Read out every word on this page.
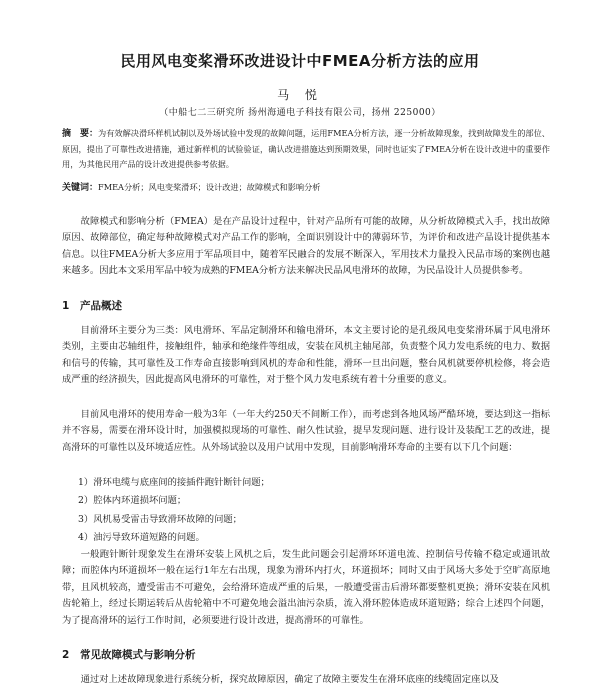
民用风电变桨滑环改进设计中FMEA分析方法的应用
马 悦
（中船七二三研究所 扬州海通电子科技有限公司，扬州 225000）
摘　要：为有效解决滑环样机试制以及外场试验中发现的故障问题，运用FMEA分析方法，逐一分析故障现象，找到故障发生的部位、原因，提出了可靠性改进措施，通过新样机的试验验证，确认改进措施达到预期效果，同时也证实了FMEA分析在设计改进中的重要作用，为其他民用产品的设计改进提供参考依据。
关键词：FMEA分析；风电变桨滑环；设计改进；故障模式和影响分析

故障模式和影响分析（FMEA）是在产品设计过程中，针对产品所有可能的故障，从分析故障模式入手，找出故障原因、故障部位，确定每种故障模式对产品工作的影响，全面识别设计中的薄弱环节，为评价和改进产品设计提供基本信息。以往FMEA分析大多应用于军品项目中，随着军民融合的发展不断深入，军用技术力量投入民品市场的案例也越来越多。因此本文采用军品中较为成熟的FMEA分析方法来解决民品风电滑环的故障，为民品设计人员提供参考。

1 产品概述

目前滑环主要分为三类：风电滑环、军品定制滑环和输电滑环，本文主要讨论的是孔级风电变桨滑环属于风电滑环类别，主要由芯轴组件，接触组件，轴承和绝缘件等组成，安装在风机主轴尾部，负责整个风力发电系统的电力、数据和信号的传输，其可靠性及工作寿命直接影响到风机的寿命和性能，滑环一旦出问题，整台风机就要停机检修，将会造成严重的经济损失，因此提高风电滑环的可靠性，对于整个风力发电系统有着十分重要的意义。

目前风电滑环的使用寿命一般为3年（一年大约250天不间断工作），而考虑到各地风场严酷环境，要达到这一指标并不容易，需要在滑环设计时，加强模拟现场的可靠性、耐久性试验，提早发现问题、进行设计及装配工艺的改进，提高滑环的可靠性以及环境适应性。从外场试验以及用户试用中发现，目前影响滑环寿命的主要有以下几个问题：

1）滑环电缆与底座间的接插件跑针断针问题；
2）腔体内环道损坏问题；
3）风机易受雷击导致滑环故障的问题；
4）油污导致环道短路的问题。

一般跑针断针现象发生在滑环安装上风机之后，发生此问题会引起滑环环道电流、控制信号传输不稳定或通讯故障；而腔体内环道损坏一般在运行1年左右出现，现象为滑环内打火，环道损坏；同时又由于风场大多处于空旷高原地带，且风机较高，遭受雷击不可避免，会给滑环造成严重的后果，一般遭受雷击后滑环都要整机更换；滑环安装在风机齿轮箱上，经过长期运转后从齿轮箱中不可避免地会溢出油污杂质，流入滑环腔体造成环道短路；综合上述四个问题，为了提高滑环的运行工作时间，必须要进行设计改进，提高滑环的可靠性。

2 常见故障模式与影响分析

通过对上述故障现象进行系统分析，探究故障原因，确定了故障主要发生在滑环底座的线缆固定座以及
